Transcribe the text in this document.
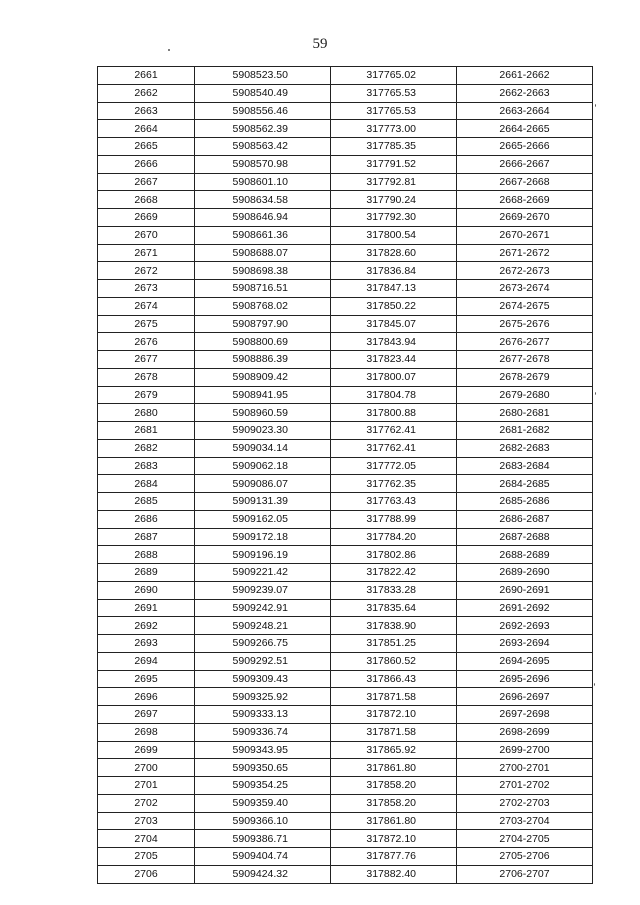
59
2661	5908523.50	317765.02	2661-2662
2662	5908540.49	317765.53	2662-2663
2663	5908556.46	317765.53	2663-2664
2664	5908562.39	317773.00	2664-2665
2665	5908563.42	317785.35	2665-2666
2666	5908570.98	317791.52	2666-2667
2667	5908601.10	317792.81	2667-2668
2668	5908634.58	317790.24	2668-2669
2669	5908646.94	317792.30	2669-2670
2670	5908661.36	317800.54	2670-2671
2671	5908688.07	317828.60	2671-2672
2672	5908698.38	317836.84	2672-2673
2673	5908716.51	317847.13	2673-2674
2674	5908768.02	317850.22	2674-2675
2675	5908797.90	317845.07	2675-2676
2676	5908800.69	317843.94	2676-2677
2677	5908886.39	317823.44	2677-2678
2678	5908909.42	317800.07	2678-2679
2679	5908941.95	317804.78	2679-2680
2680	5908960.59	317800.88	2680-2681
2681	5909023.30	317762.41	2681-2682
2682	5909034.14	317762.41	2682-2683
2683	5909062.18	317772.05	2683-2684
2684	5909086.07	317762.35	2684-2685
2685	5909131.39	317763.43	2685-2686
2686	5909162.05	317788.99	2686-2687
2687	5909172.18	317784.20	2687-2688
2688	5909196.19	317802.86	2688-2689
2689	5909221.42	317822.42	2689-2690
2690	5909239.07	317833.28	2690-2691
2691	5909242.91	317835.64	2691-2692
2692	5909248.21	317838.90	2692-2693
2693	5909266.75	317851.25	2693-2694
2694	5909292.51	317860.52	2694-2695
2695	5909309.43	317866.43	2695-2696
2696	5909325.92	317871.58	2696-2697
2697	5909333.13	317872.10	2697-2698
2698	5909336.74	317871.58	2698-2699
2699	5909343.95	317865.92	2699-2700
2700	5909350.65	317861.80	2700-2701
2701	5909354.25	317858.20	2701-2702
2702	5909359.40	317858.20	2702-2703
2703	5909366.10	317861.80	2703-2704
2704	5909386.71	317872.10	2704-2705
2705	5909404.74	317877.76	2705-2706
2706	5909424.32	317882.40	2706-2707
